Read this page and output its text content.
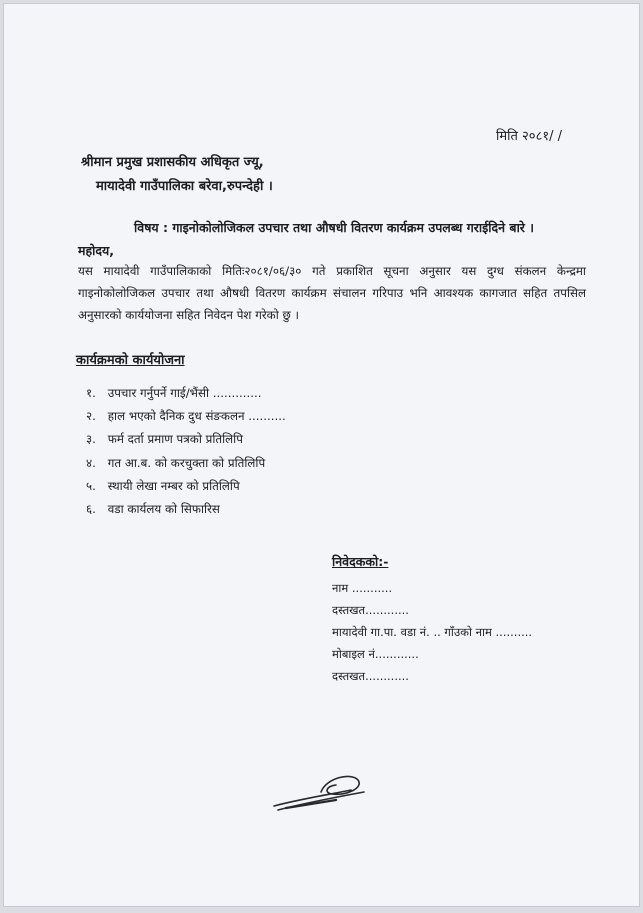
मिति २०८१/ /
श्रीमान प्रमुख प्रशासकीय अधिकृत ज्यू,
मायादेवी गाउँपालिका बरेवा,रुपन्देही ।
विषय : गाइनोकोलोजिकल उपचार तथा औषधी वितरण कार्यक्रम उपलब्ध गराईदिने बारे ।
महोदय,
यस मायादेवी गाउँपालिकाको मितिः२०८१/०६/३० गते प्रकाशित सूचना अनुसार यस दुग्ध संकलन केन्द्रमा गाइनोकोलोजिकल उपचार तथा औषधी वितरण कार्यक्रम संचालन गरिपाउ भनि आवश्यक कागजात सहित तपसिल अनुसारको कार्ययोजना सहित निवेदन पेश गरेको छु ।
कार्यक्रमको कार्ययोजना
१. उपचार गर्नुपर्ने गाई/भैंसी .............
२. हाल भएको दैनिक दुध संङकलन ..........
३. फर्म दर्ता प्रमाण पत्रको प्रतिलिपि
४. गत आ.ब. को करचुक्ता को प्रतिलिपि
५. स्थायी लेखा नम्बर को प्रतिलिपि
६. वडा कार्यलय को सिफारिस
निवेदकको:-
नाम ...........
दस्तखत............
मायादेवी गा.पा. वडा नं. .. गाँउको नाम ..........
मोबाइल नं............
दस्तखत............
